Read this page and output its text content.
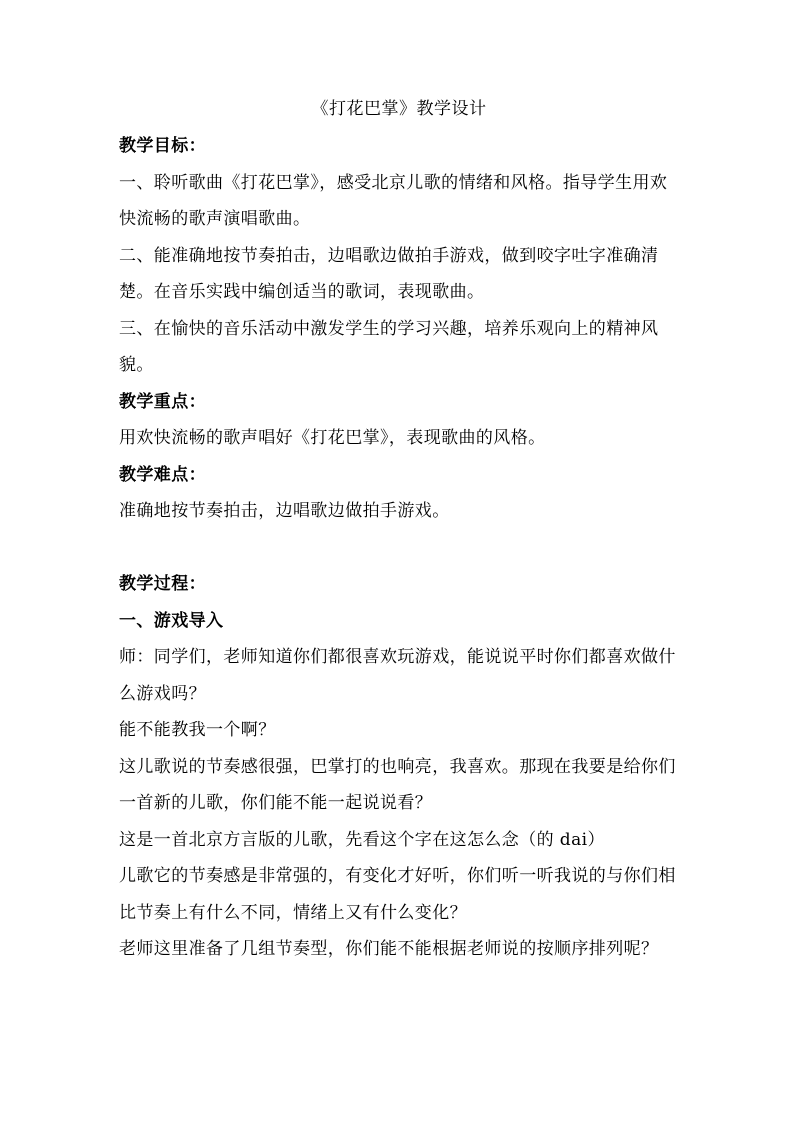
《打花巴掌》教学设计

教学目标：

一、聆听歌曲《打花巴掌》，感受北京儿歌的情绪和风格。指导学生用欢快流畅的歌声演唱歌曲。

二、能准确地按节奏拍击，边唱歌边做拍手游戏，做到咬字吐字准确清楚。在音乐实践中编创适当的歌词，表现歌曲。

三、在愉快的音乐活动中激发学生的学习兴趣，培养乐观向上的精神风貌。

教学重点：

用欢快流畅的歌声唱好《打花巴掌》，表现歌曲的风格。

教学难点：

准确地按节奏拍击，边唱歌边做拍手游戏。

教学过程：

一、游戏导入

师：同学们，老师知道你们都很喜欢玩游戏，能说说平时你们都喜欢做什么游戏吗？

能不能教我一个啊？

这儿歌说的节奏感很强，巴掌打的也响亮，我喜欢。那现在我要是给你们一首新的儿歌，你们能不能一起说说看？

这是一首北京方言版的儿歌，先看这个字在这怎么念（的 dai）

儿歌它的节奏感是非常强的，有变化才好听，你们听一听我说的与你们相比节奏上有什么不同，情绪上又有什么变化？

老师这里准备了几组节奏型，你们能不能根据老师说的按顺序排列呢？
